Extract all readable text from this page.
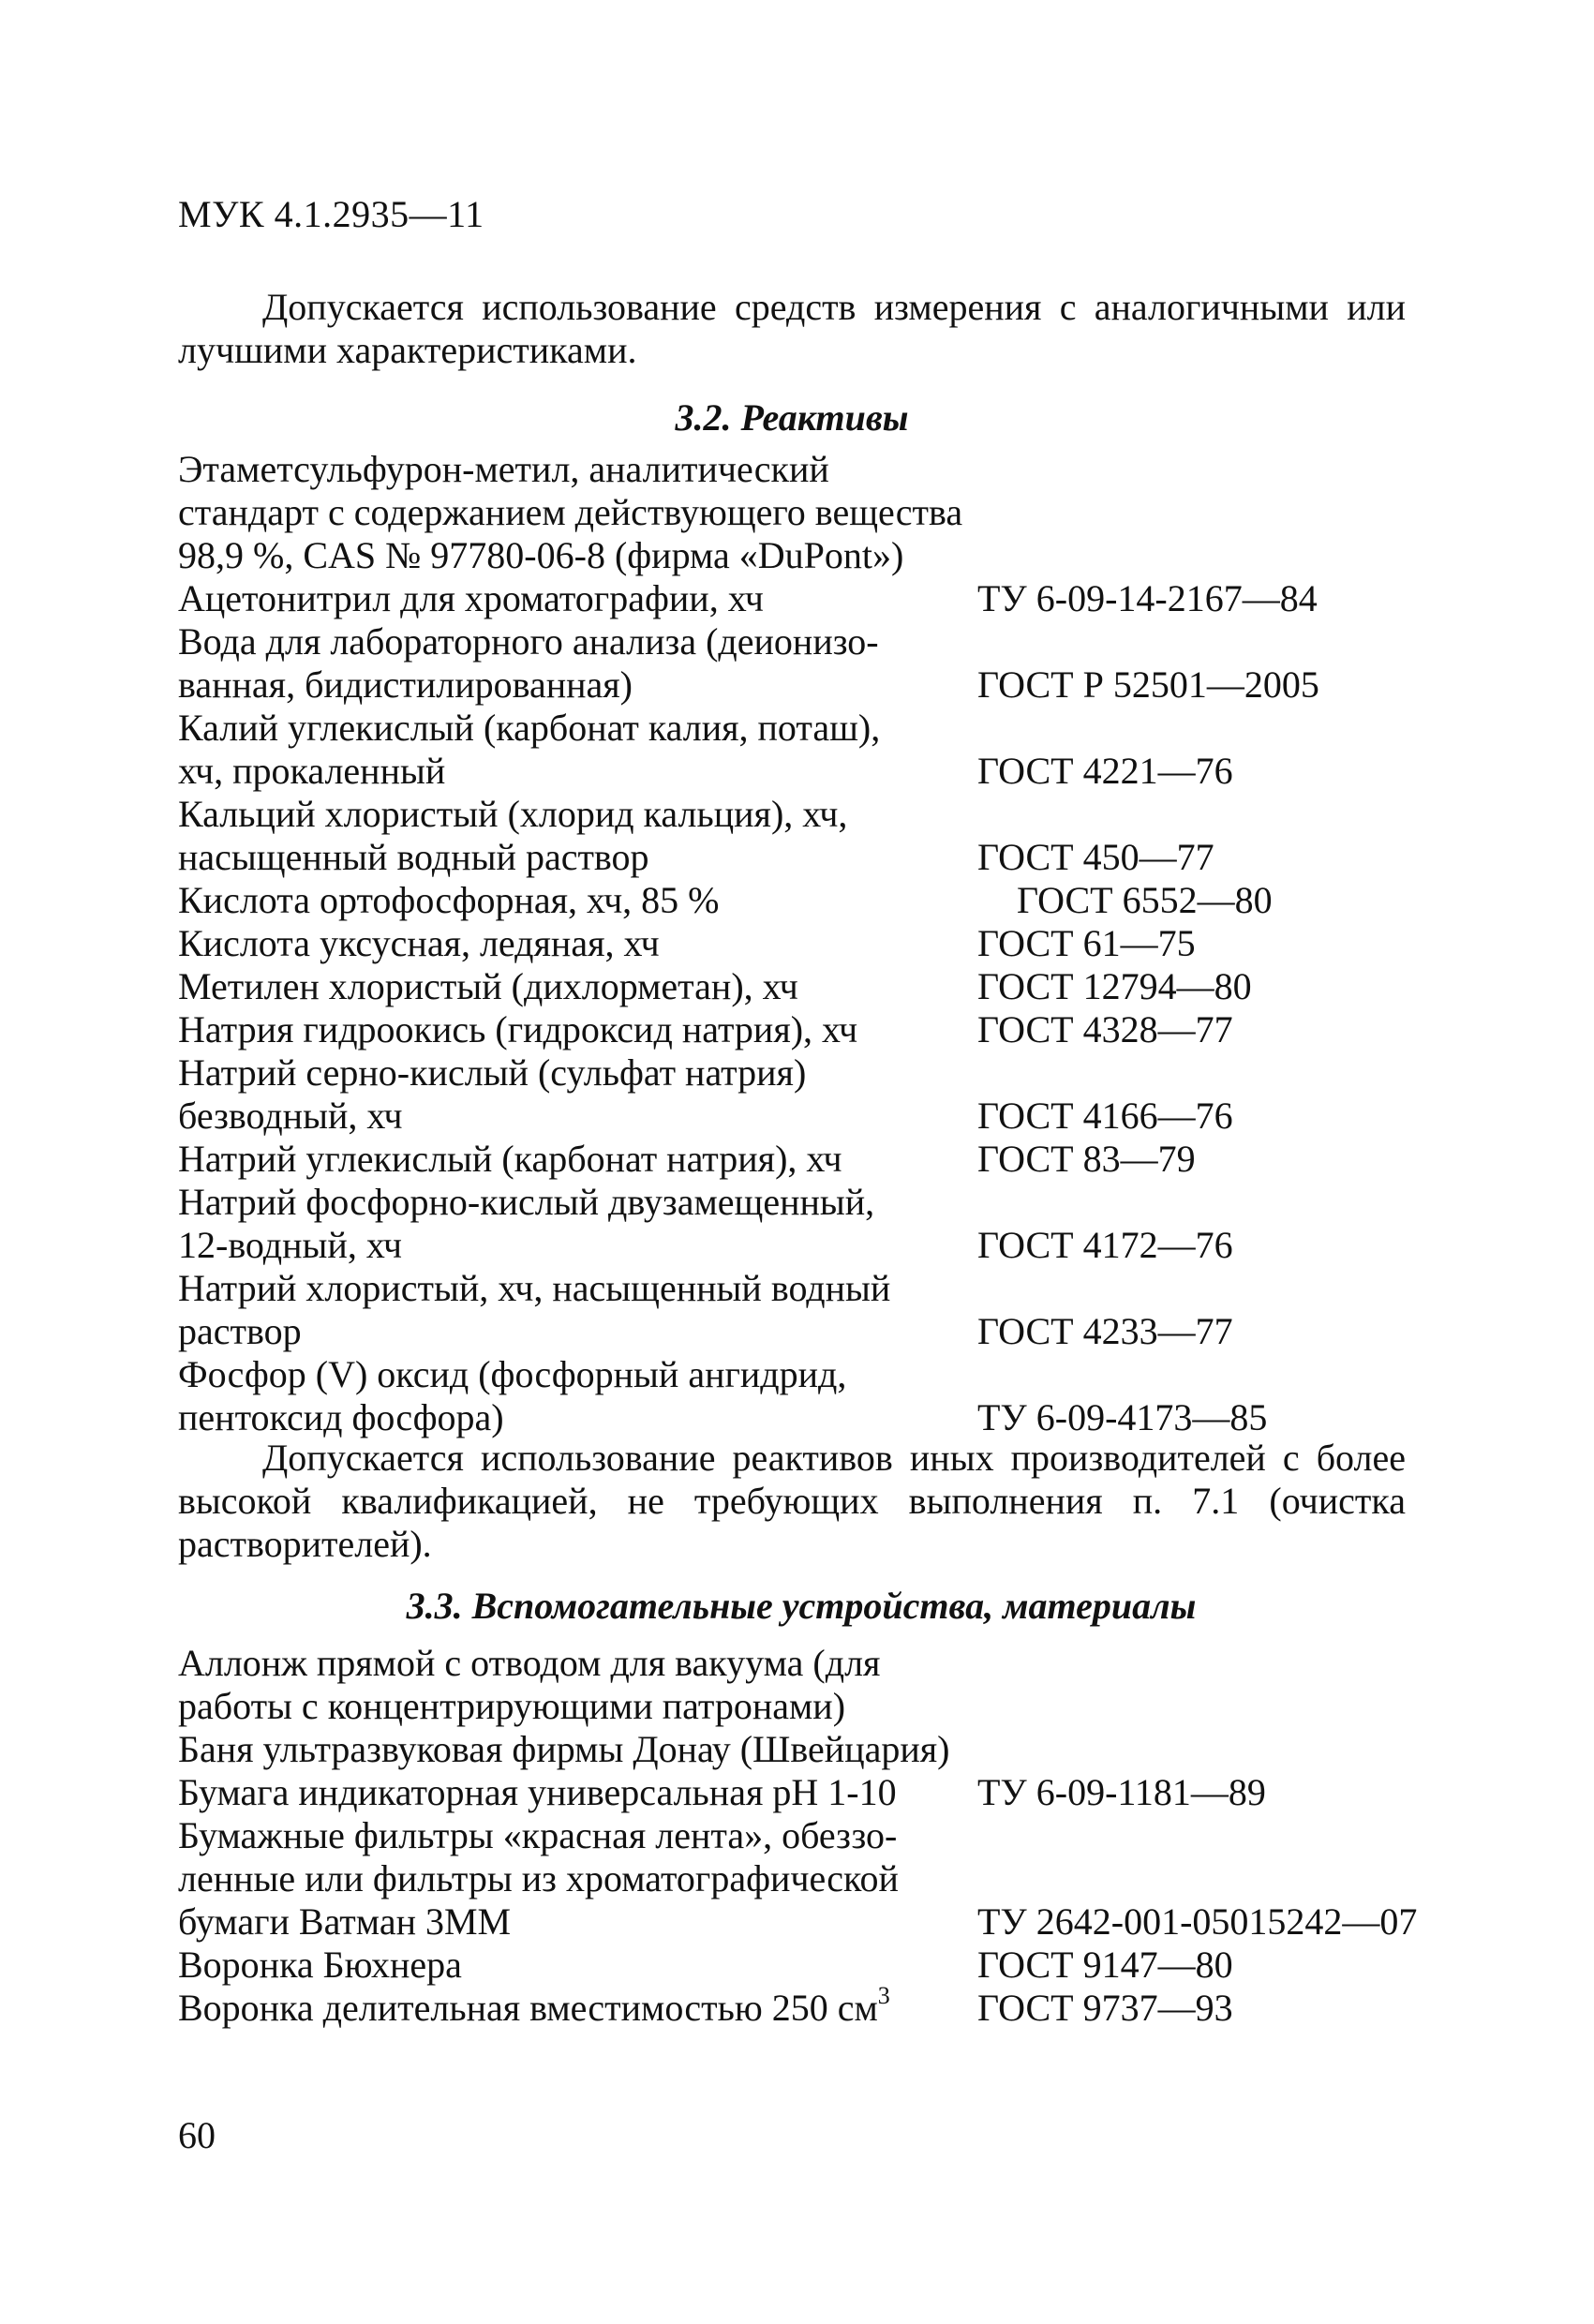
МУК 4.1.2935—11
Допускается использование средств измерения с аналогичными или лучшими характеристиками.
3.2. Реактивы
Этаметсульфурон-метил, аналитический
стандарт с содержанием действующего вещества
98,9 %, CAS № 97780-06-8 (фирма «DuPont»)
Ацетонитрил для хроматографии, хч	ТУ 6-09-14-2167—84
Вода для лабораторного анализа (деионизо-
ванная, бидистилированная)	ГОСТ Р 52501—2005
Калий углекислый (карбонат калия, поташ),
хч, прокаленный	ГОСТ 4221—76
Кальций хлористый (хлорид кальция), хч,
насыщенный водный раствор	ГОСТ 450—77
Кислота ортофосфорная, хч, 85 %	ГОСТ 6552—80
Кислота уксусная, ледяная, хч	ГОСТ 61—75
Метилен хлористый (дихлорметан), хч	ГОСТ 12794—80
Натрия гидроокись (гидроксид натрия), хч	ГОСТ 4328—77
Натрий серно-кислый (сульфат натрия)
безводный, хч	ГОСТ 4166—76
Натрий углекислый (карбонат натрия), хч	ГОСТ 83—79
Натрий фосфорно-кислый двузамещенный,
12-водный, хч	ГОСТ 4172—76
Натрий хлористый, хч, насыщенный водный
раствор	ГОСТ 4233—77
Фосфор (V) оксид (фосфорный ангидрид,
пентоксид фосфора)	ТУ 6-09-4173—85
Допускается использование реактивов иных производителей с более высокой квалификацией, не требующих выполнения п. 7.1 (очистка растворителей).
3.3. Вспомогательные устройства, материалы
Аллонж прямой с отводом для вакуума (для
работы с концентрирующими патронами)
Баня ультразвуковая фирмы Донау (Швейцария)
Бумага индикаторная универсальная рН 1-10	ТУ 6-09-1181—89
Бумажные фильтры «красная лента», обеззо-
ленные или фильтры из хроматографической
бумаги Ватман 3ММ	ТУ 2642-001-05015242—07
Воронка Бюхнера	ГОСТ 9147—80
Воронка делительная вместимостью 250 $см^3$	ГОСТ 9737—93
60
